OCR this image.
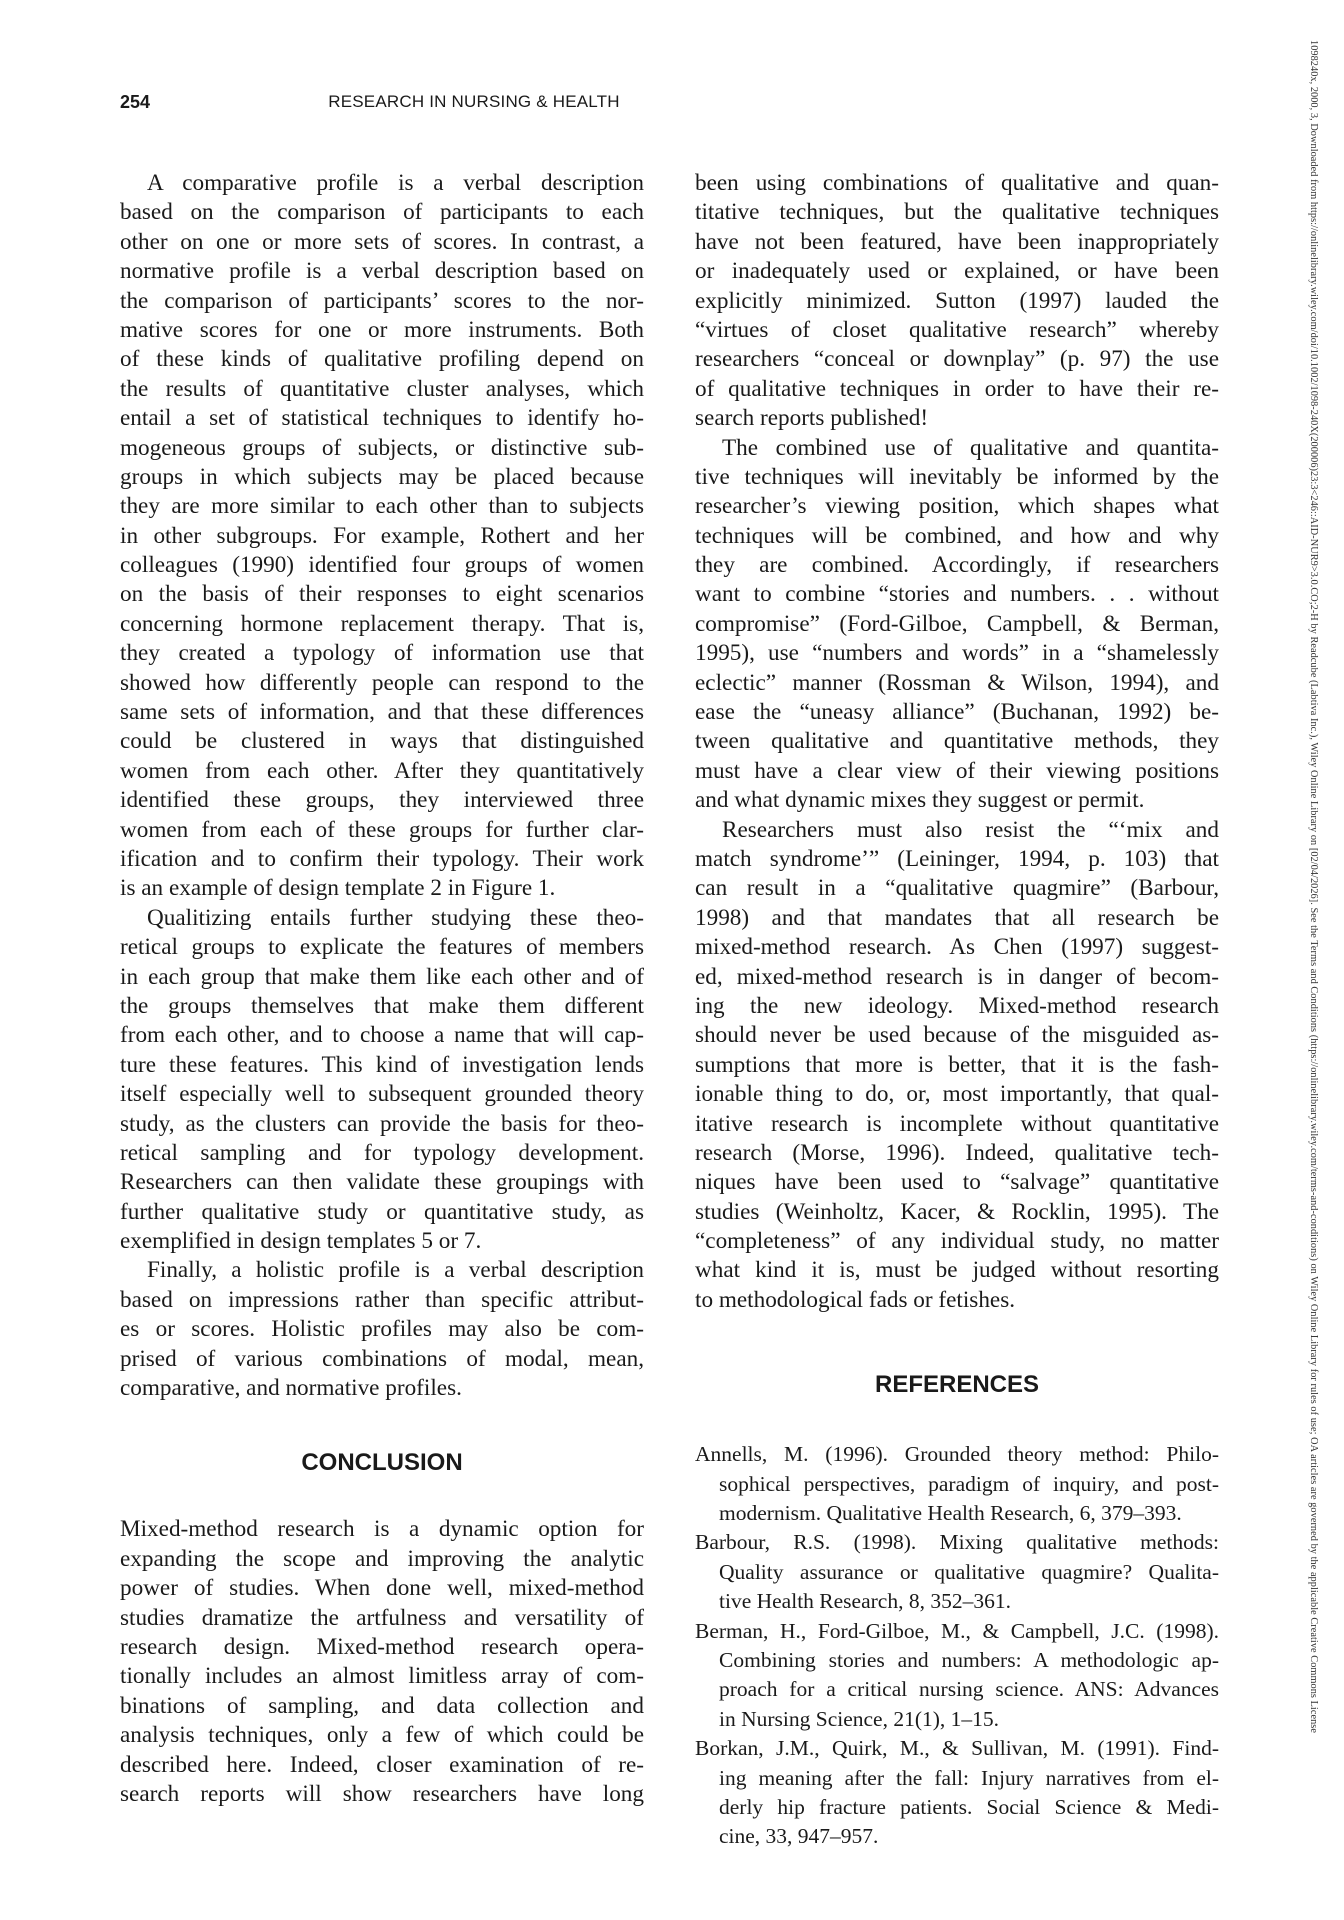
254	RESEARCH IN NURSING & HEALTH
A comparative profile is a verbal description
based on the comparison of participants to each
other on one or more sets of scores. In contrast, a
normative profile is a verbal description based on
the comparison of participants’ scores to the nor-
mative scores for one or more instruments. Both
of these kinds of qualitative profiling depend on
the results of quantitative cluster analyses, which
entail a set of statistical techniques to identify ho-
mogeneous groups of subjects, or distinctive sub-
groups in which subjects may be placed because
they are more similar to each other than to subjects
in other subgroups. For example, Rothert and her
colleagues (1990) identified four groups of women
on the basis of their responses to eight scenarios
concerning hormone replacement therapy. That is,
they created a typology of information use that
showed how differently people can respond to the
same sets of information, and that these differences
could be clustered in ways that distinguished
women from each other. After they quantitatively
identified these groups, they interviewed three
women from each of these groups for further clar-
ification and to confirm their typology. Their work
is an example of design template 2 in Figure 1.
Qualitizing entails further studying these theo-
retical groups to explicate the features of members
in each group that make them like each other and of
the groups themselves that make them different
from each other, and to choose a name that will cap-
ture these features. This kind of investigation lends
itself especially well to subsequent grounded theory
study, as the clusters can provide the basis for theo-
retical sampling and for typology development.
Researchers can then validate these groupings with
further qualitative study or quantitative study, as
exemplified in design templates 5 or 7.
Finally, a holistic profile is a verbal description
based on impressions rather than specific attribut-
es or scores. Holistic profiles may also be com-
prised of various combinations of modal, mean,
comparative, and normative profiles.
CONCLUSION
Mixed-method research is a dynamic option for
expanding the scope and improving the analytic
power of studies. When done well, mixed-method
studies dramatize the artfulness and versatility of
research design. Mixed-method research opera-
tionally includes an almost limitless array of com-
binations of sampling, and data collection and
analysis techniques, only a few of which could be
described here. Indeed, closer examination of re-
search reports will show researchers have long
been using combinations of qualitative and quan-
titative techniques, but the qualitative techniques
have not been featured, have been inappropriately
or inadequately used or explained, or have been
explicitly minimized. Sutton (1997) lauded the
“virtues of closet qualitative research” whereby
researchers “conceal or downplay” (p. 97) the use
of qualitative techniques in order to have their re-
search reports published!
The combined use of qualitative and quantita-
tive techniques will inevitably be informed by the
researcher’s viewing position, which shapes what
techniques will be combined, and how and why
they are combined. Accordingly, if researchers
want to combine “stories and numbers. . . without
compromise” (Ford-Gilboe, Campbell, & Berman,
1995), use “numbers and words” in a “shamelessly
eclectic” manner (Rossman & Wilson, 1994), and
ease the “uneasy alliance” (Buchanan, 1992) be-
tween qualitative and quantitative methods, they
must have a clear view of their viewing positions
and what dynamic mixes they suggest or permit.
Researchers must also resist the “‘mix and
match syndrome’” (Leininger, 1994, p. 103) that
can result in a “qualitative quagmire” (Barbour,
1998) and that mandates that all research be
mixed-method research. As Chen (1997) suggest-
ed, mixed-method research is in danger of becom-
ing the new ideology. Mixed-method research
should never be used because of the misguided as-
sumptions that more is better, that it is the fash-
ionable thing to do, or, most importantly, that qual-
itative research is incomplete without quantitative
research (Morse, 1996). Indeed, qualitative tech-
niques have been used to “salvage” quantitative
studies (Weinholtz, Kacer, & Rocklin, 1995). The
“completeness” of any individual study, no matter
what kind it is, must be judged without resorting
to methodological fads or fetishes.
REFERENCES
Annells, M. (1996). Grounded theory method: Philo-
sophical perspectives, paradigm of inquiry, and post-
modernism. Qualitative Health Research, 6, 379–393.
Barbour, R.S. (1998). Mixing qualitative methods:
Quality assurance or qualitative quagmire? Qualita-
tive Health Research, 8, 352–361.
Berman, H., Ford-Gilboe, M., & Campbell, J.C. (1998).
Combining stories and numbers: A methodologic ap-
proach for a critical nursing science. ANS: Advances
in Nursing Science, 21(1), 1–15.
Borkan, J.M., Quirk, M., & Sullivan, M. (1991). Find-
ing meaning after the fall: Injury narratives from el-
derly hip fracture patients. Social Science & Medi-
cine, 33, 947–957.
1098240x, 2000, 3, Downloaded from https://onlinelibrary.wiley.com/doi/10.1002/1098-240X(200006)23:3<246::AID-NUR9>3.0.CO;2-H by Readcube (Labtiva Inc.), Wiley Online Library on [02/04/2026]. See the Terms and Conditions (https://onlinelibrary.wiley.com/terms-and-conditions) on Wiley Online Library for rules of use; OA articles are governed by the applicable Creative Commons License
